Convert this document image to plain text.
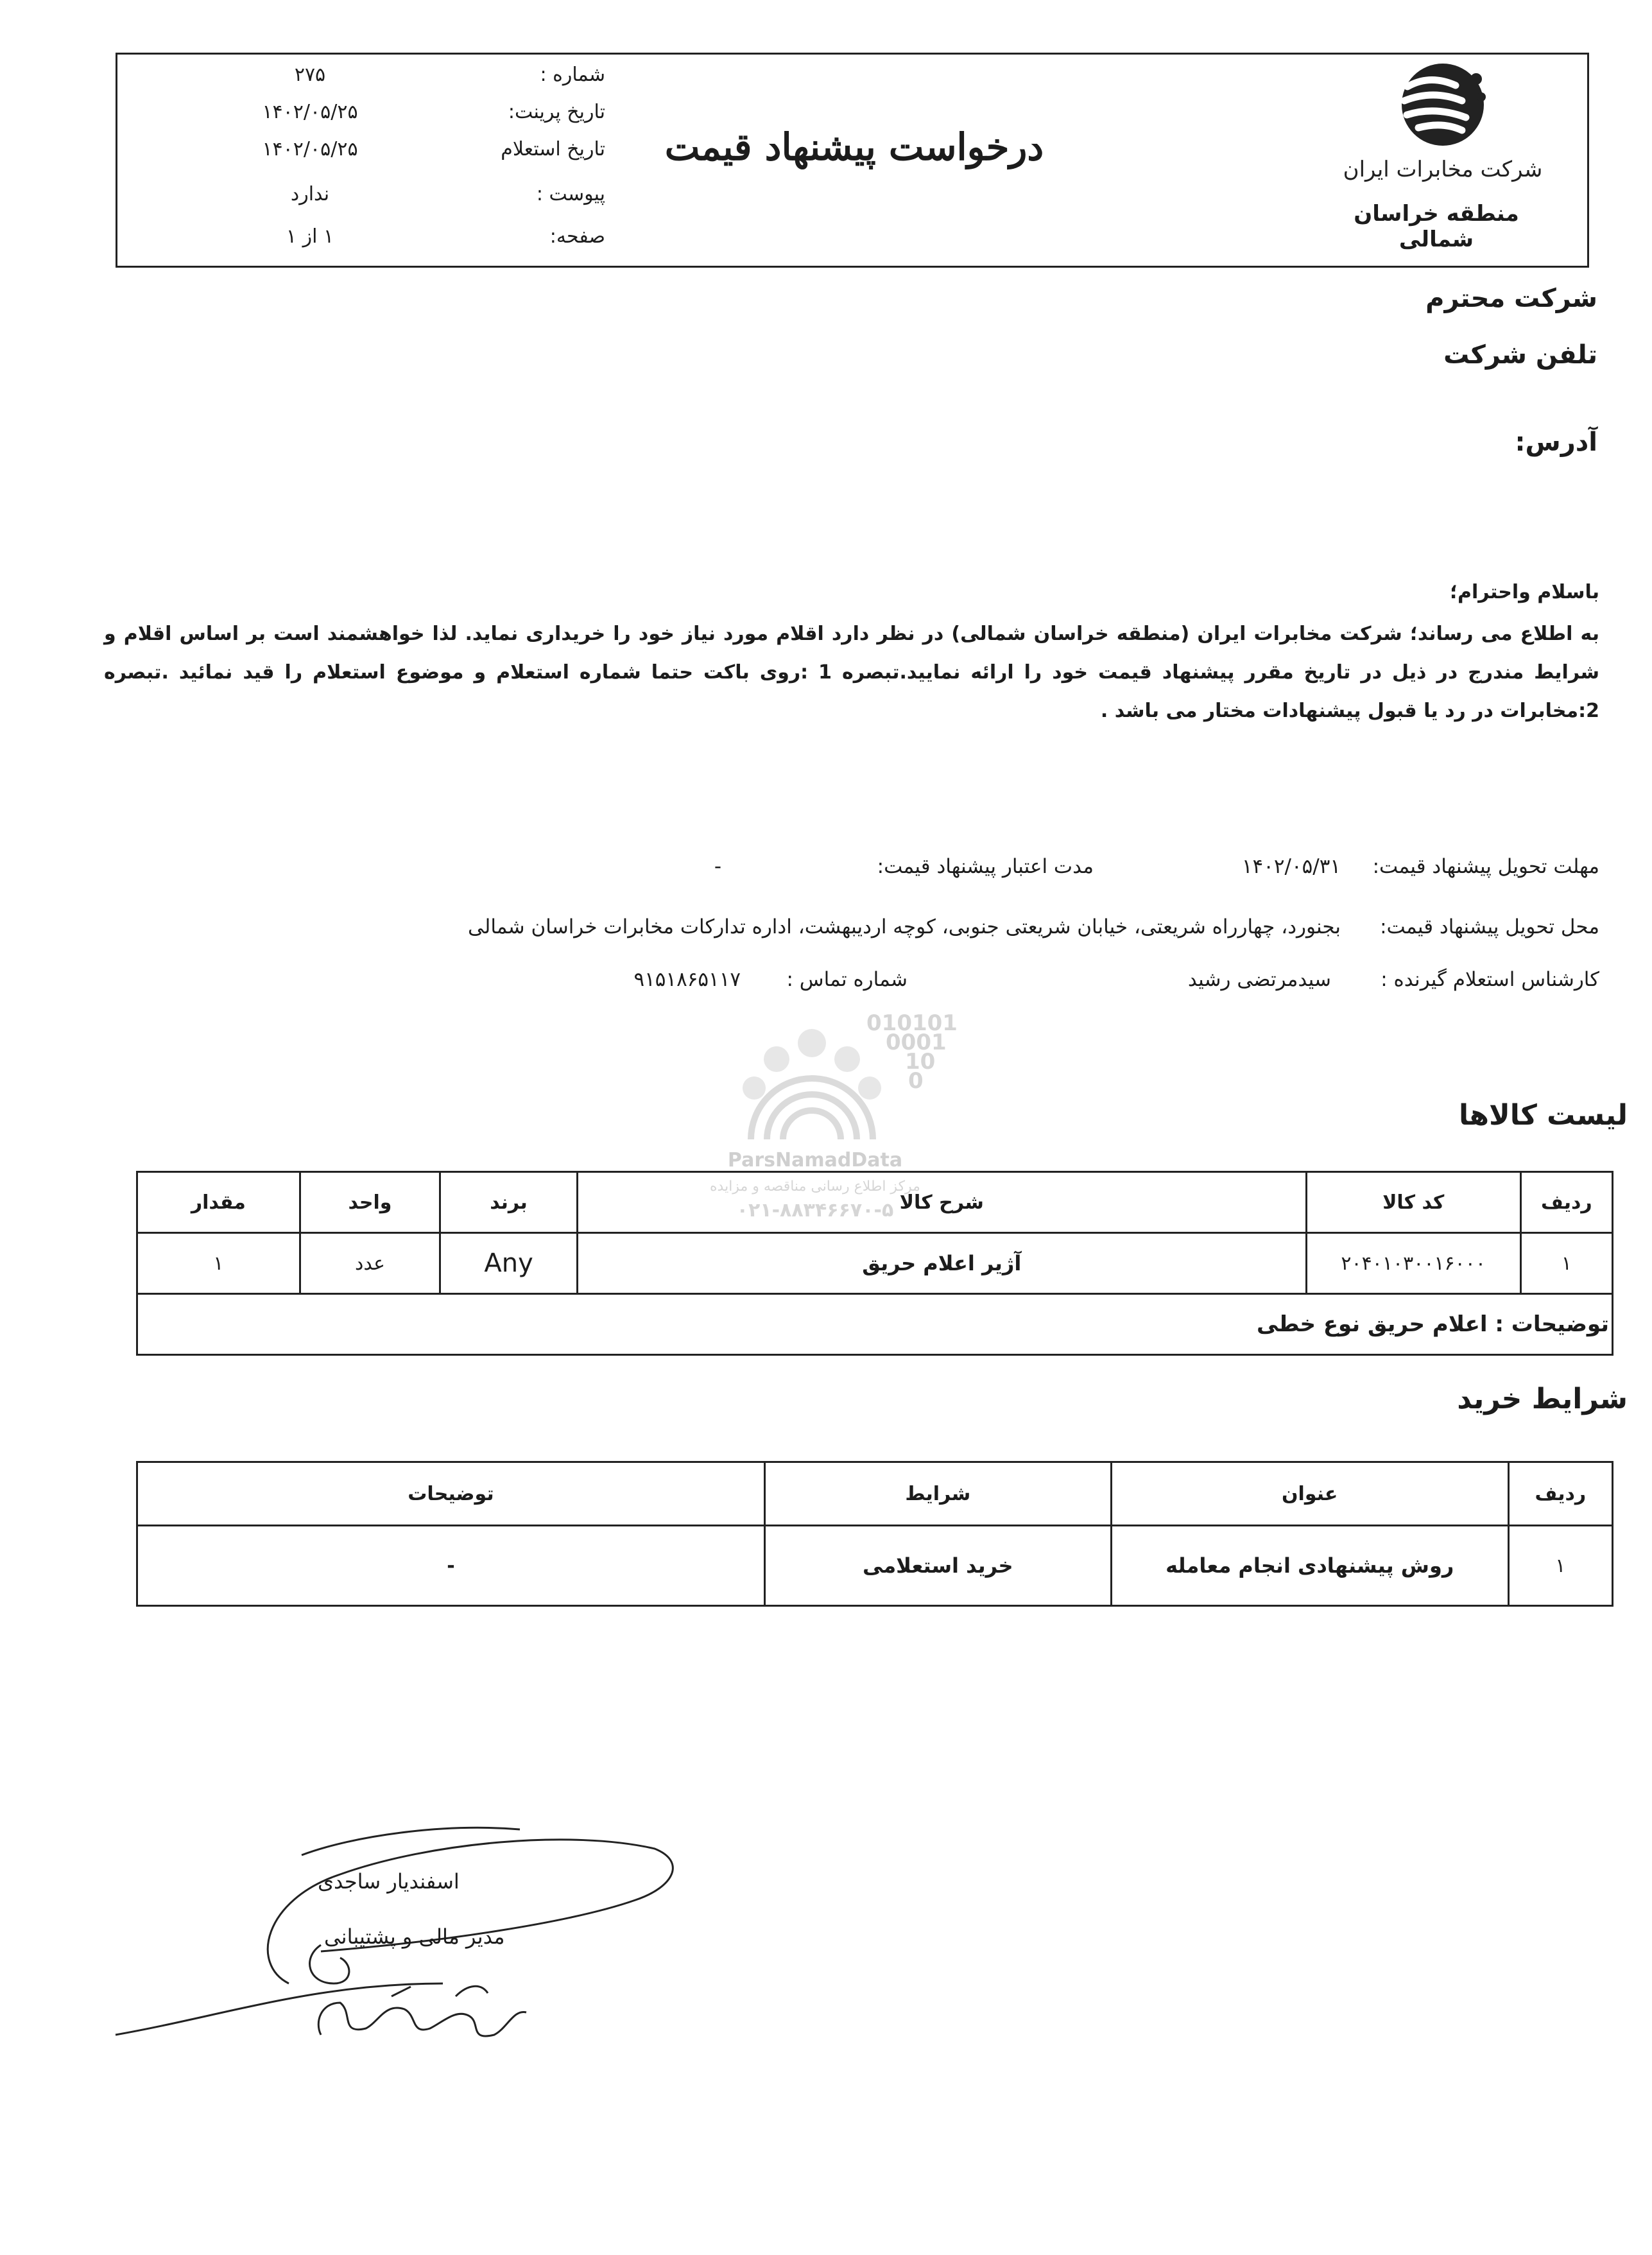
شرکت مخابرات ایران
منطقه خراسان شمالی
درخواست پیشنهاد قیمت
شماره :
۲۷۵
تاریخ پرینت:
۱۴۰۲/۰۵/۲۵
تاریخ استعلام
۱۴۰۲/۰۵/۲۵
پیوست :
ندارد
صفحه:
۱ از ۱
شرکت محترم
تلفن شرکت
آدرس:
باسلام واحترام؛
به اطلاع می رساند؛ شرکت مخابرات ایران (منطقه خراسان شمالی) در نظر دارد اقلام مورد نیاز خود را خریداری نماید. لذا خواهشمند است بر اساس اقلام و شرایط مندرج در ذیل در تاریخ مقرر پیشنهاد قیمت خود را ارائه نمایید.تبصره 1 :روی باکت حتما شماره استعلام و موضوع استعلام را قید نمائید .تبصره 2:مخابرات در رد یا قبول پیشنهادات مختار می باشد .
مهلت تحویل پیشنهاد قیمت:
۱۴۰۲/۰۵/۳۱
مدت اعتبار پیشنهاد قیمت:
-
محل تحویل پیشنهاد قیمت:
بجنورد، چهارراه شریعتی، خیابان شریعتی جنوبی، کوچه اردیبهشت، اداره تدارکات مخابرات خراسان شمالی
کارشناس استعلام گیرنده :
سیدمرتضی رشید
شماره تماس :
۹۱۵۱۸۶۵۱۱۷
010101
0001
10
0
ParsNamadData
مرکز اطلاع رسانی مناقصه و مزایده
۰۲۱-۸۸۳۴۶۶۷۰-۵
لیست کالاها
ردیف	کد کالا	شرح کالا	برند	واحد	مقدار
۱	۲۰۴۰۱۰۳۰۰۱۶۰۰۰	آژیر اعلام حریق	Any	عدد	۱
توضیحات : اعلام حریق نوع خطی					
شرایط خرید
ردیف	عنوان	شرایط	توضیحات
۱	روش پیشنهادی انجام معامله	خرید استعلامی	-
اسفندیار ساجدی
مدیر مالی و پشتیبانی
